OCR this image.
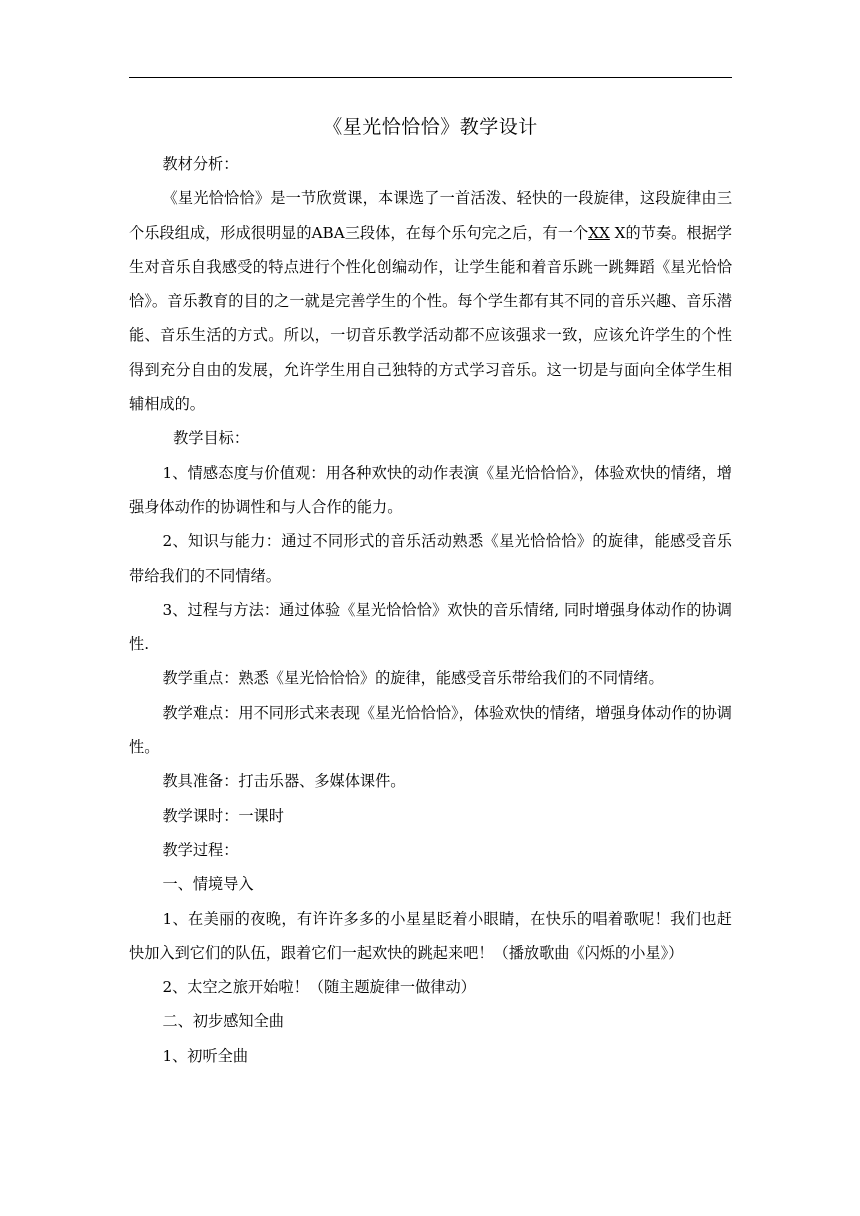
《星光恰恰恰》教学设计

教材分析：

《星光恰恰恰》是一节欣赏课，本课选了一首活泼、轻快的一段旋律，这段旋律由三个乐段组成，形成很明显的ABA三段体，在每个乐句完之后，有一个XX X的节奏。根据学生对音乐自我感受的特点进行个性化创编动作，让学生能和着音乐跳一跳舞蹈《星光恰恰恰》。音乐教育的目的之一就是完善学生的个性。每个学生都有其不同的音乐兴趣、音乐潜能、音乐生活的方式。所以，一切音乐教学活动都不应该强求一致，应该允许学生的个性得到充分自由的发展，允许学生用自己独特的方式学习音乐。这一切是与面向全体学生相辅相成的。

教学目标：

1、情感态度与价值观：用各种欢快的动作表演《星光恰恰恰》，体验欢快的情绪，增强身体动作的协调性和与人合作的能力。

2、知识与能力：通过不同形式的音乐活动熟悉《星光恰恰恰》的旋律，能感受音乐带给我们的不同情绪。

3、过程与方法：通过体验《星光恰恰恰》欢快的音乐情绪, 同时增强身体动作的协调性.

教学重点：熟悉《星光恰恰恰》的旋律，能感受音乐带给我们的不同情绪。

教学难点：用不同形式来表现《星光恰恰恰》，体验欢快的情绪，增强身体动作的协调性。

教具准备：打击乐器、多媒体课件。

教学课时：一课时

教学过程：

一、情境导入

1、在美丽的夜晚，有许许多多的小星星眨着小眼睛，在快乐的唱着歌呢！我们也赶快加入到它们的队伍，跟着它们一起欢快的跳起来吧！（播放歌曲《闪烁的小星》）

2、太空之旅开始啦！（随主题旋律一做律动）

二、初步感知全曲

1、初听全曲
